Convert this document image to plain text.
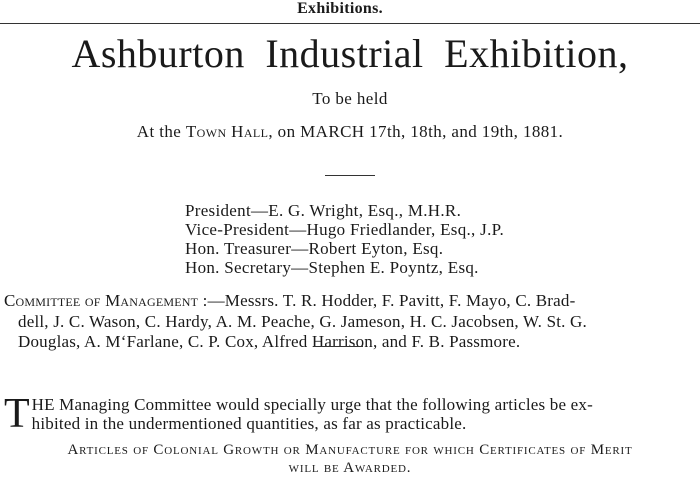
Exhibitions.
Ashburton Industrial Exhibition,
To be held
At the Town Hall, on MARCH 17th, 18th, and 19th, 1881.
President—E. G. Wright, Esq., M.H.R.
Vice-President—Hugo Friedlander, Esq., J.P.
Hon. Treasurer—Robert Eyton, Esq.
Hon. Secretary—Stephen E. Poyntz, Esq.
Committee of Management :—Messrs. T. R. Hodder, F. Pavitt, F. Mayo, C. Brad-
dell, J. C. Wason, C. Hardy, A. M. Peache, G. Jameson, H. C. Jacobsen, W. St. G.
Douglas, A. M‘Farlane, C. P. Cox, Alfred Harrison, and F. B. Passmore.
T HE Managing Committee would specially urge that the following articles be ex-
hibited in the undermentioned quantities, as far as practicable.
Articles of Colonial Growth or Manufacture for which Certificates of Merit
will be Awarded.
